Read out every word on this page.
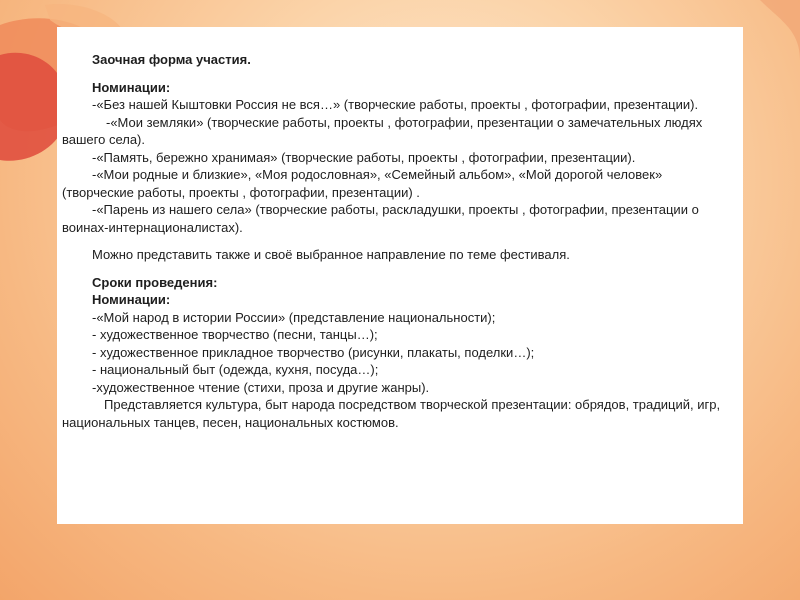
Заочная форма участия.

Номинации:

-«Без нашей Кыштовки Россия не вся…» (творческие работы, проекты , фотографии, презентации).

-«Мои земляки» (творческие работы, проекты , фотографии, презентации о замечательных людях вашего села).

-«Память, бережно хранимая» (творческие работы, проекты , фотографии, презентации).

-«Мои родные и близкие», «Моя родословная», «Семейный альбом», «Мой дорогой человек» (творческие работы, проекты , фотографии, презентации) .

-«Парень из нашего села» (творческие работы, раскладушки, проекты , фотографии, презентации о воинах-интернационалистах).

Можно представить также и своё выбранное направление по теме фестиваля.

Сроки проведения:

Номинации:

-«Мой народ в истории России» (представление национальности);

- художественное творчество (песни, танцы…);

- художественное прикладное творчество (рисунки, плакаты, поделки…);

- национальный быт (одежда, кухня, посуда…);

-художественное чтение (стихи, проза и другие жанры).

Представляется культура, быт народа посредством творческой презентации: обрядов, традиций, игр, национальных танцев, песен, национальных костюмов.
